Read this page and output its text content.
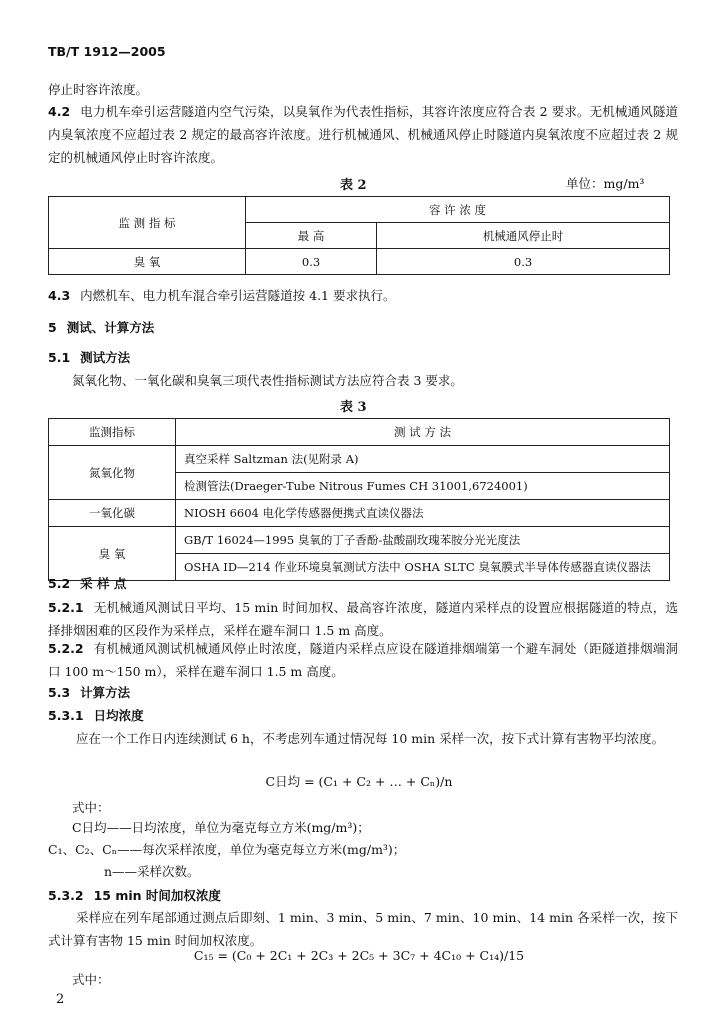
TB/T 1912—2005
停止时容许浓度。
4.2 电力机车牵引运营隧道内空气污染，以臭氧作为代表性指标，其容许浓度应符合表 2 要求。无机械通风隧道内臭氧浓度不应超过表 2 规定的最高容许浓度。进行机械通风、机械通风停止时隧道内臭氧浓度不应超过表 2 规定的机械通风停止时容许浓度。
表 2	单位：mg/m³
监 测 指 标	容 许 浓 度	
	最 高	机械通风停止时
臭 氧	0.3	0.3
4.3 内燃机车、电力机车混合牵引运营隧道按 4.1 要求执行。
5 测试、计算方法
5.1 测试方法
氮氧化物、一氧化碳和臭氧三项代表性指标测试方法应符合表 3 要求。
表 3
监测指标	测 试 方 法
氮氧化物	真空采样 Saltzman 法(见附录 A)
	检测管法(Draeger-Tube Nitrous Fumes CH 31001,6724001)
一氧化碳	NIOSH 6604 电化学传感器便携式直读仪器法
臭 氧	GB/T 16024—1995 臭氧的丁子香酚-盐酸副玫瑰苯胺分光光度法
	OSHA ID—214 作业环境臭氧测试方法中 OSHA SLTC 臭氧膜式半导体传感器直读仪器法
5.2 采 样 点
5.2.1 无机械通风测试日平均、15 min 时间加权、最高容许浓度，隧道内采样点的设置应根据隧道的特点，选择排烟困难的区段作为采样点，采样在避车洞口 1.5 m 高度。
5.2.2 有机械通风测试机械通风停止时浓度，隧道内采样点应设在隧道排烟端第一个避车洞处（距隧道排烟端洞口 100 m～150 m），采样在避车洞口 1.5 m 高度。
5.3 计算方法
5.3.1 日均浓度
应在一个工作日内连续测试 6 h，不考虑列车通过情况每 10 min 采样一次，按下式计算有害物平均浓度。
C日均 = (C₁ + C₂ + … + Cₙ)/n
式中：
C日均——日均浓度，单位为毫克每立方米(mg/m³)；
C₁、C₂、Cₙ——每次采样浓度，单位为毫克每立方米(mg/m³)；
n——采样次数。
5.3.2 15 min 时间加权浓度
采样应在列车尾部通过测点后即刻、1 min、3 min、5 min、7 min、10 min、14 min 各采样一次，按下式计算有害物 15 min 时间加权浓度。
C₁₅ = (C₀ + 2C₁ + 2C₃ + 2C₅ + 3C₇ + 4C₁₀ + C₁₄)/15
式中：
2
